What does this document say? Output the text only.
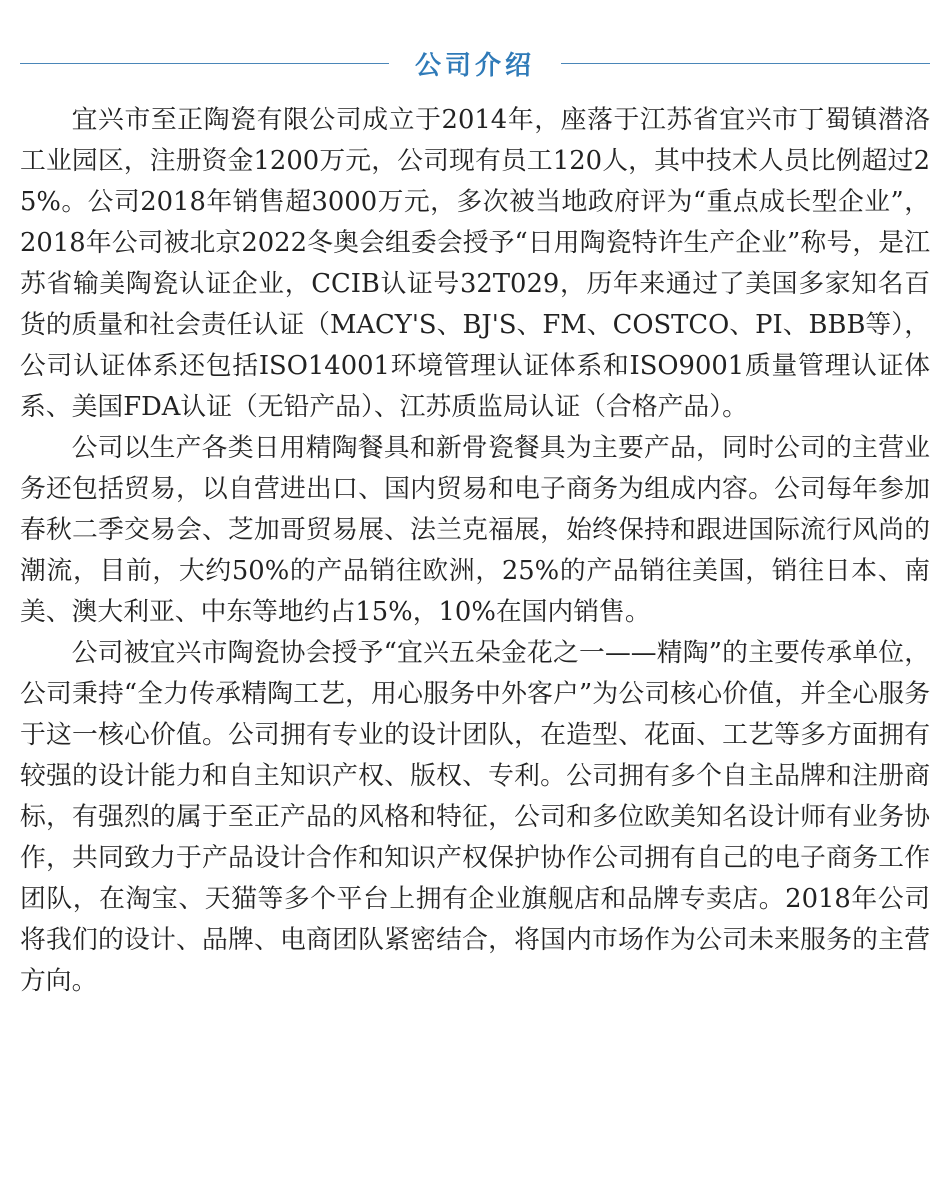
公司介绍

宜兴市至正陶瓷有限公司成立于2014年，座落于江苏省宜兴市丁蜀镇潜洛工业园区，注册资金1200万元，公司现有员工120人，其中技术人员比例超过25%。公司2018年销售超3000万元，多次被当地政府评为“重点成长型企业”，2018年公司被北京2022冬奥会组委会授予“日用陶瓷特许生产企业”称号，是江苏省输美陶瓷认证企业，CCIB认证号32T029，历年来通过了美国多家知名百货的质量和社会责任认证（MACY'S、BJ'S、FM、COSTCO、PI、BBB等），公司认证体系还包括ISO14001环境管理认证体系和ISO9001质量管理认证体系、美国FDA认证（无铅产品）、江苏质监局认证（合格产品）。

公司以生产各类日用精陶餐具和新骨瓷餐具为主要产品，同时公司的主营业务还包括贸易，以自营进出口、国内贸易和电子商务为组成内容。公司每年参加春秋二季交易会、芝加哥贸易展、法兰克福展，始终保持和跟进国际流行风尚的潮流，目前，大约50%的产品销往欧洲，25%的产品销往美国，销往日本、南美、澳大利亚、中东等地约占15%，10%在国内销售。

公司被宜兴市陶瓷协会授予“宜兴五朵金花之一——精陶”的主要传承单位，公司秉持“全力传承精陶工艺，用心服务中外客户”为公司核心价值，并全心服务于这一核心价值。公司拥有专业的设计团队，在造型、花面、工艺等多方面拥有较强的设计能力和自主知识产权、版权、专利。公司拥有多个自主品牌和注册商标，有强烈的属于至正产品的风格和特征，公司和多位欧美知名设计师有业务协作，共同致力于产品设计合作和知识产权保护协作公司拥有自己的电子商务工作团队，在淘宝、天猫等多个平台上拥有企业旗舰店和品牌专卖店。2018年公司将我们的设计、品牌、电商团队紧密结合，将国内市场作为公司未来服务的主营方向。
